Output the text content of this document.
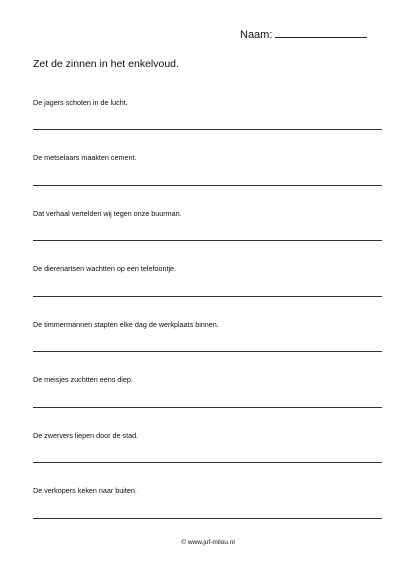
Naam:
Zet de zinnen in het enkelvoud.
De jagers schoten in de lucht.
De metselaars maakten cement.
Dat verhaal vertelden wij tegen onze buurman.
De dierenartsen wachtten op een telefoontje.
De timmermannen stapten elke dag de werkplaats binnen.
De meisjes zuchtten eens diep.
De zwervers liepen door de stad.
De verkopers keken naar buiten.
© www.juf-milou.nl
